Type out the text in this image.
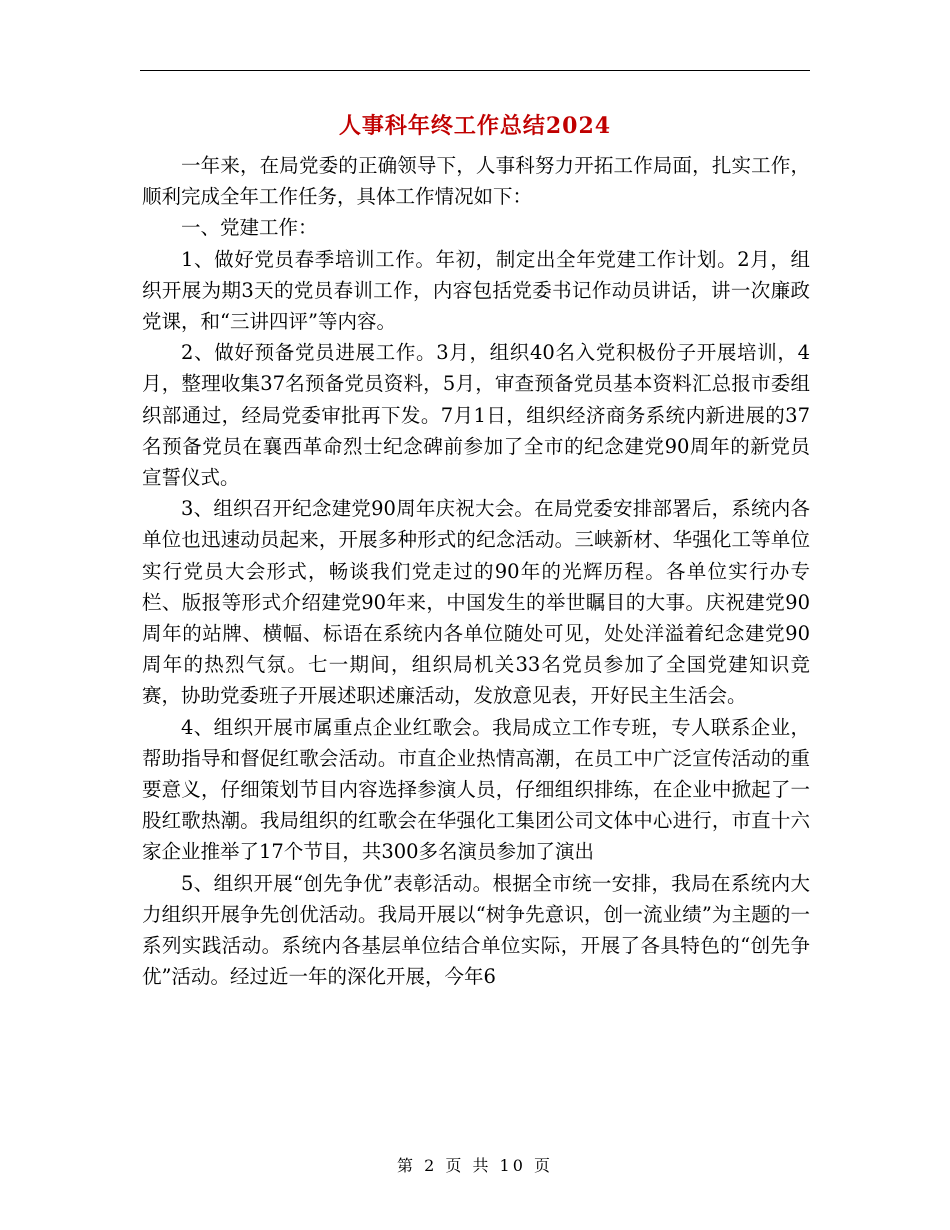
人事科年终工作总结2024

一年来，在局党委的正确领导下，人事科努力开拓工作局面，扎实工作，顺利完成全年工作任务，具体工作情况如下：

一、党建工作：

1、做好党员春季培训工作。年初，制定出全年党建工作计划。2月，组织开展为期3天的党员春训工作，内容包括党委书记作动员讲话，讲一次廉政党课，和“三讲四评”等内容。

2、做好预备党员进展工作。3月，组织40名入党积极份子开展培训，4月，整理收集37名预备党员资料，5月，审查预备党员基本资料汇总报市委组织部通过，经局党委审批再下发。7月1日，组织经济商务系统内新进展的37名预备党员在襄西革命烈士纪念碑前参加了全市的纪念建党90周年的新党员宣誓仪式。

3、组织召开纪念建党90周年庆祝大会。在局党委安排部署后，系统内各单位也迅速动员起来，开展多种形式的纪念活动。三峡新材、华强化工等单位实行党员大会形式，畅谈我们党走过的90年的光辉历程。各单位实行办专栏、版报等形式介绍建党90年来，中国发生的举世瞩目的大事。庆祝建党90周年的站牌、横幅、标语在系统内各单位随处可见，处处洋溢着纪念建党90周年的热烈气氛。七一期间，组织局机关33名党员参加了全国党建知识竞赛，协助党委班子开展述职述廉活动，发放意见表，开好民主生活会。

4、组织开展市属重点企业红歌会。我局成立工作专班，专人联系企业，帮助指导和督促红歌会活动。市直企业热情高潮，在员工中广泛宣传活动的重要意义，仔细策划节目内容选择参演人员，仔细组织排练，在企业中掀起了一股红歌热潮。我局组织的红歌会在华强化工集团公司文体中心进行，市直十六家企业推举了17个节目，共300多名演员参加了演出

5、组织开展“创先争优”表彰活动。根据全市统一安排，我局在系统内大力组织开展争先创优活动。我局开展以“树争先意识，创一流业绩”为主题的一系列实践活动。系统内各基层单位结合单位实际，开展了各具特色的“创先争优”活动。经过近一年的深化开展，今年6

第 2 页 共 10 页
